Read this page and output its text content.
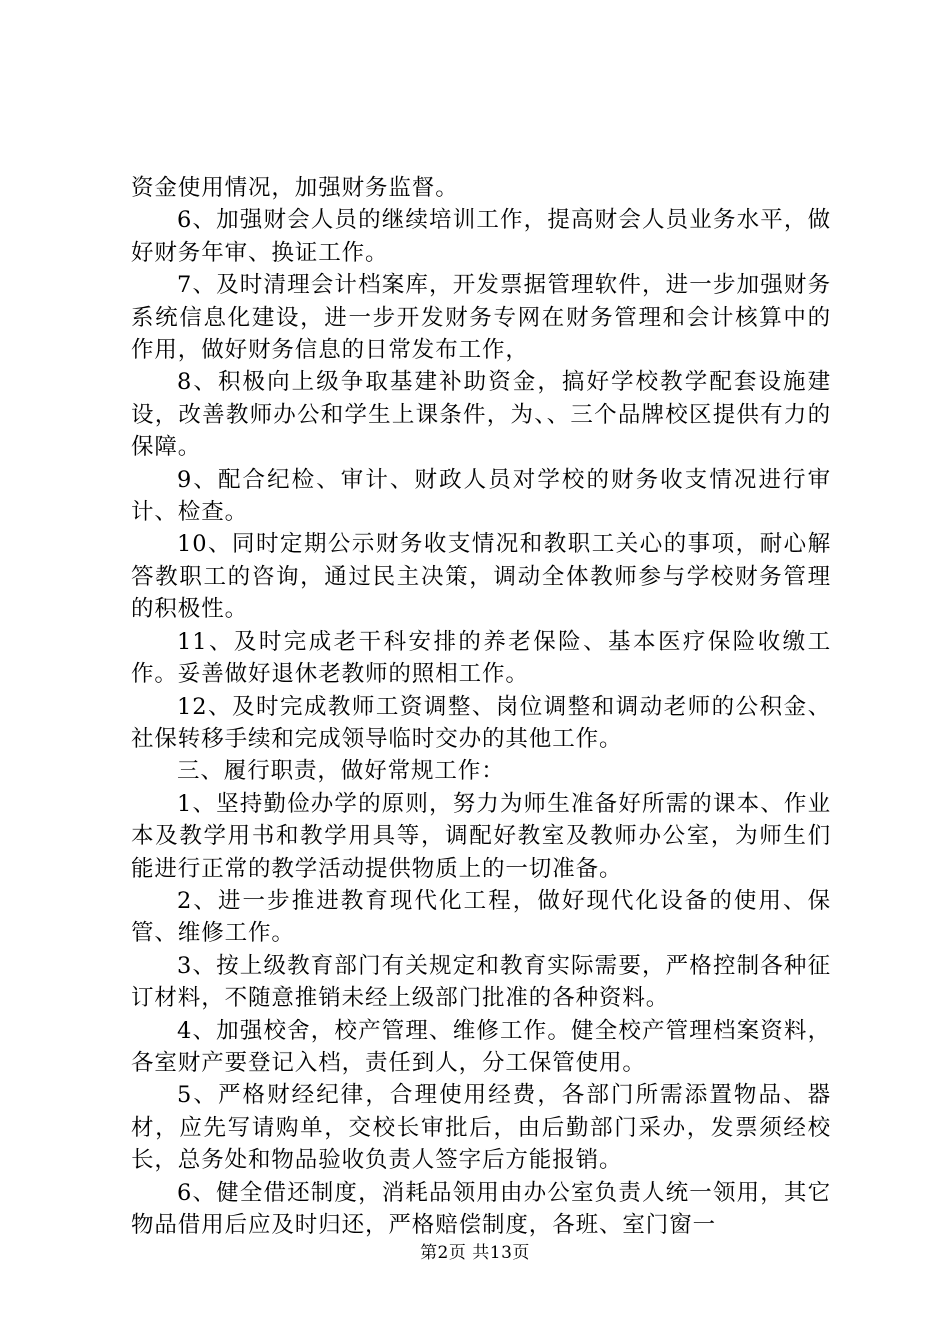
资金使用情况，加强财务监督。

6、加强财会人员的继续培训工作，提高财会人员业务水平，做好财务年审、换证工作。

7、及时清理会计档案库，开发票据管理软件，进一步加强财务系统信息化建设，进一步开发财务专网在财务管理和会计核算中的作用，做好财务信息的日常发布工作，

8、积极向上级争取基建补助资金，搞好学校教学配套设施建设，改善教师办公和学生上课条件，为、、三个品牌校区提供有力的保障。

9、配合纪检、审计、财政人员对学校的财务收支情况进行审计、检查。

10、同时定期公示财务收支情况和教职工关心的事项，耐心解答教职工的咨询，通过民主决策，调动全体教师参与学校财务管理的积极性。

11、及时完成老干科安排的养老保险、基本医疗保险收缴工作。妥善做好退休老教师的照相工作。

12、及时完成教师工资调整、岗位调整和调动老师的公积金、社保转移手续和完成领导临时交办的其他工作。

三、履行职责，做好常规工作：

1、坚持勤俭办学的原则，努力为师生准备好所需的课本、作业本及教学用书和教学用具等，调配好教室及教师办公室，为师生们能进行正常的教学活动提供物质上的一切准备。

2、进一步推进教育现代化工程，做好现代化设备的使用、保管、维修工作。

3、按上级教育部门有关规定和教育实际需要，严格控制各种征订材料，不随意推销未经上级部门批准的各种资料。

4、加强校舍，校产管理、维修工作。健全校产管理档案资料，各室财产要登记入档，责任到人，分工保管使用。

5、严格财经纪律，合理使用经费，各部门所需添置物品、器材，应先写请购单，交校长审批后，由后勤部门采办，发票须经校长，总务处和物品验收负责人签字后方能报销。

6、健全借还制度，消耗品领用由办公室负责人统一领用，其它物品借用后应及时归还，严格赔偿制度，各班、室门窗一

第2页 共13页
